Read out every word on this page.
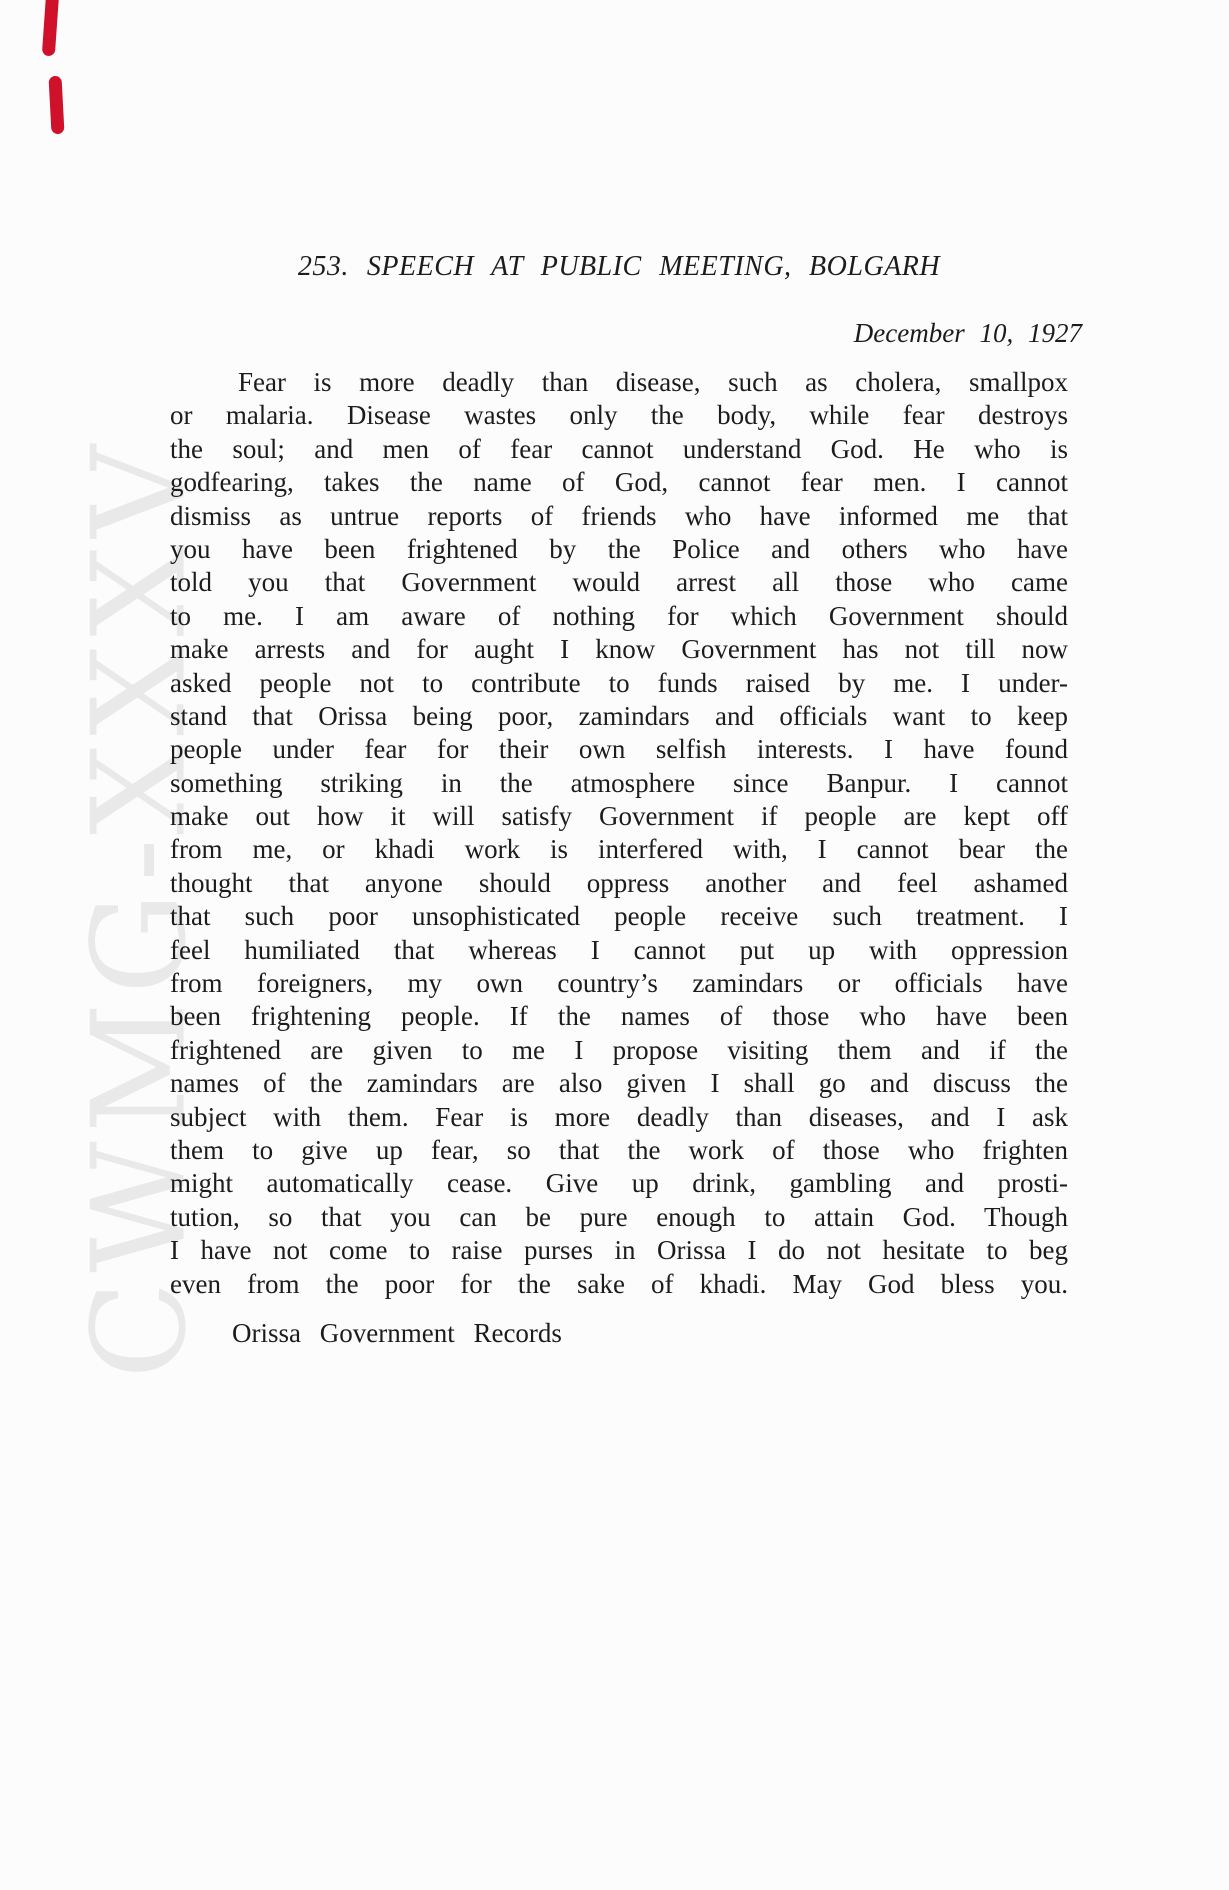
CWMG-XXXV
253. SPEECH AT PUBLIC MEETING, BOLGARH
December 10, 1927
Fear is more deadly than disease, such as cholera, smallpox
or malaria. Disease wastes only the body, while fear destroys
the soul; and men of fear cannot understand God. He who is
godfearing, takes the name of God, cannot fear men. I cannot
dismiss as untrue reports of friends who have informed me that
you have been frightened by the Police and others who have
told you that Government would arrest all those who came
to me. I am aware of nothing for which Government should
make arrests and for aught I know Government has not till now
asked people not to contribute to funds raised by me. I under-
stand that Orissa being poor, zamindars and officials want to keep
people under fear for their own selfish interests. I have found
something striking in the atmosphere since Banpur. I cannot
make out how it will satisfy Government if people are kept off
from me, or khadi work is interfered with, I cannot bear the
thought that anyone should oppress another and feel ashamed
that such poor unsophisticated people receive such treatment. I
feel humiliated that whereas I cannot put up with oppression
from foreigners, my own country’s zamindars or officials have
been frightening people. If the names of those who have been
frightened are given to me I propose visiting them and if the
names of the zamindars are also given I shall go and discuss the
subject with them. Fear is more deadly than diseases, and I ask
them to give up fear, so that the work of those who frighten
might automatically cease. Give up drink, gambling and prosti-
tution, so that you can be pure enough to attain God. Though
I have not come to raise purses in Orissa I do not hesitate to beg
even from the poor for the sake of khadi. May God bless you.
Orissa Government Records
